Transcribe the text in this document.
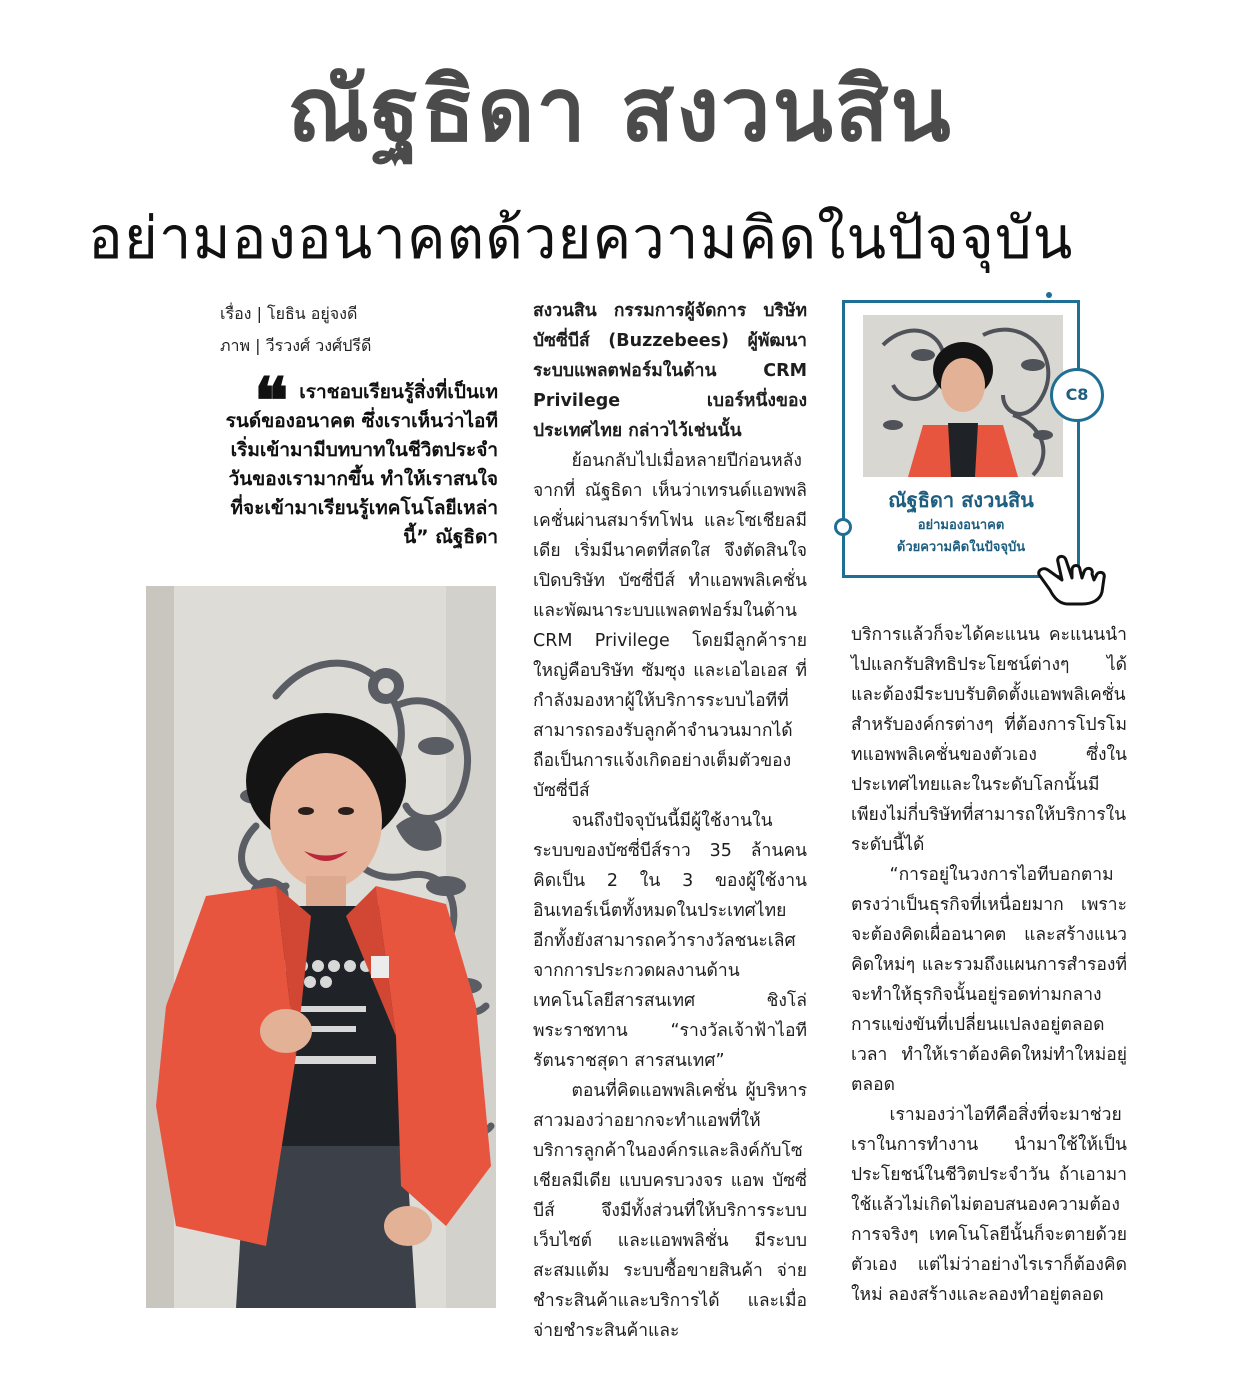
ณัฐธิดา สงวนสิน
อย่ามองอนาคตด้วยความคิดในปัจจุบัน
เรื่อง | โยธิน อยู่จงดี
ภาพ | วีรวงศ์ วงศ์ปรีดี
❝ เราชอบเรียนรู้สิ่งที่เป็นเทรนด์ของอนาคต ซึ่งเราเห็นว่าไอทีเริ่มเข้ามามีบทบาทในชีวิตประจำวันของเรามากขึ้น ทำให้เราสนใจที่จะเข้ามาเรียนรู้เทคโนโลยีเหล่านี้” ณัฐธิดา

สงวนสิน กรรมการผู้จัดการ บริษัท บัซซี่บีส์ (Buzzebees) ผู้พัฒนาระบบแพลตฟอร์มในด้าน CRM Privilege เบอร์หนึ่งของประเทศไทย กล่าวไว้เช่นนั้น

ย้อนกลับไปเมื่อหลายปีก่อนหลังจากที่ ณัฐธิดา เห็นว่าเทรนด์แอพพลิเคชั่นผ่านสมาร์ทโฟน และโซเชียลมีเดีย เริ่มมีนาคตที่สดใส จึงตัดสินใจเปิดบริษัท บัซซี่บีส์ ทำแอพพลิเคชั่น และพัฒนาระบบแพลตฟอร์มในด้าน CRM Privilege โดยมีลูกค้ารายใหญ่คือบริษัท ซัมซุง และเอไอเอส ที่กำลังมองหาผู้ให้บริการระบบไอทีที่สามารถรองรับลูกค้าจำนวนมากได้ ถือเป็นการแจ้งเกิดอย่างเต็มตัวของ บัซซี่บีส์

จนถึงปัจจุบันนี้มีผู้ใช้งานในระบบของบัซซี่บีส์ราว 35 ล้านคน คิดเป็น 2 ใน 3 ของผู้ใช้งานอินเทอร์เน็ตทั้งหมดในประเทศไทย อีกทั้งยังสามารถคว้ารางวัลชนะเลิศจากการประกวดผลงานด้านเทคโนโลยีสารสนเทศ ชิงโล่พระราชทาน “รางวัลเจ้าฟ้าไอที รัตนราชสุดา สารสนเทศ”

ตอนที่คิดแอพพลิเคชั่น ผู้บริหารสาวมองว่าอยากจะทำแอพที่ให้บริการลูกค้าในองค์กรและลิงค์กับโซเชียลมีเดีย แบบครบวงจร แอพ บัซซี่บีส์ จึงมีทั้งส่วนที่ให้บริการระบบเว็บไซต์ และแอพพลิชั่น มีระบบสะสมแต้ม ระบบซื้อขายสินค้า จ่ายชำระสินค้าและบริการได้ และเมื่อจ่ายชำระสินค้าและ

บริการแล้วก็จะได้คะแนน คะแนนนำไปแลกรับสิทธิประโยชน์ต่างๆ ได้ และต้องมีระบบรับติดตั้งแอพพลิเคชั่น สำหรับองค์กรต่างๆ ที่ต้องการโปรโมทแอพพลิเคชั่นของตัวเอง ซึ่งในประเทศไทยและในระดับโลกนั้นมีเพียงไม่กี่บริษัทที่สามารถให้บริการในระดับนี้ได้

“การอยู่ในวงการไอทีบอกตามตรงว่าเป็นธุรกิจที่เหนื่อยมาก เพราะจะต้องคิดเผื่ออนาคต และสร้างแนวคิดใหม่ๆ และรวมถึงแผนการสำรองที่จะทำให้ธุรกิจนั้นอยู่รอดท่ามกลางการแข่งขันที่เปลี่ยนแปลงอยู่ตลอดเวลา ทำให้เราต้องคิดใหม่ทำใหม่อยู่ตลอด

เรามองว่าไอทีคือสิ่งที่จะมาช่วยเราในการทำงาน นำมาใช้ให้เป็นประโยชน์ในชีวิตประจำวัน ถ้าเอามาใช้แล้วไม่เกิดไม่ตอบสนองความต้องการจริงๆ เทคโนโลยีนั้นก็จะตายด้วยตัวเอง แต่ไม่ว่าอย่างไรเราก็ต้องคิดใหม่ ลองสร้างและลองทำอยู่ตลอด

ณัฐธิดา สงวนสิน
อย่ามองอนาคต
ด้วยความคิดในปัจจุบัน
C8
